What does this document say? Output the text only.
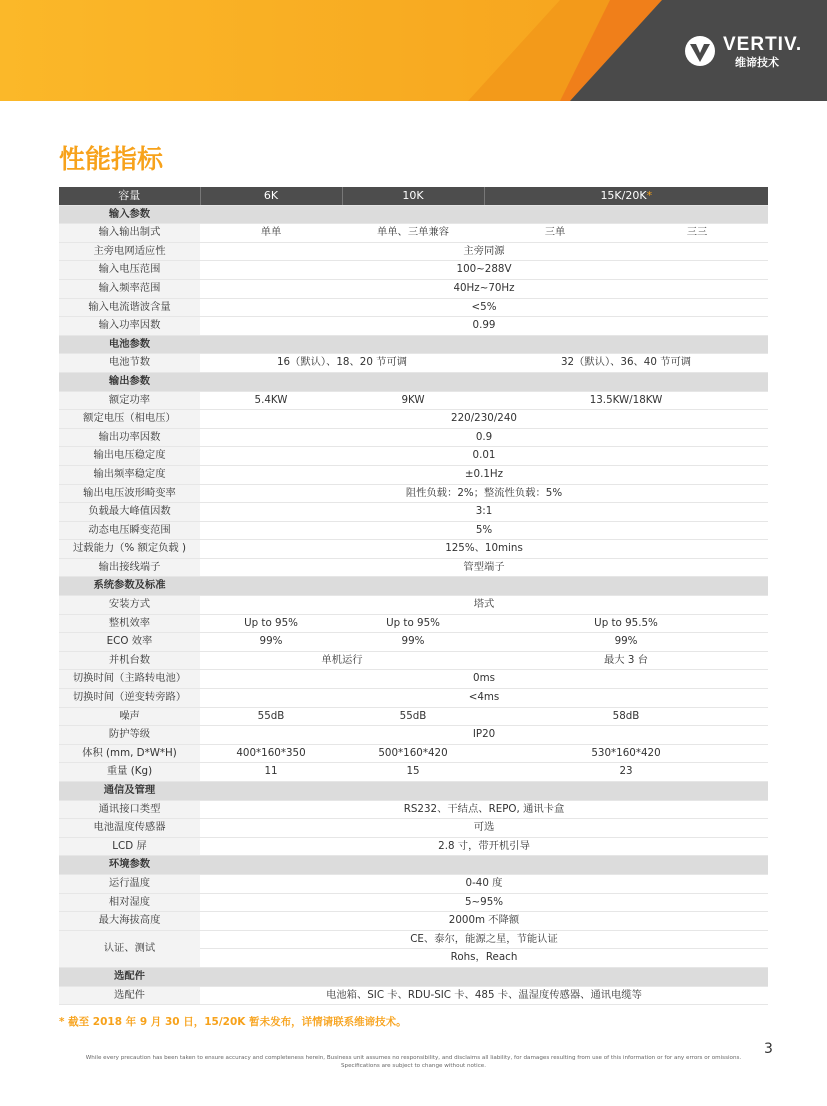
VERTIV.
维谛技术
性能指标
容量	6K	10K	15K/20K*	
输入参数				
输入输出制式	单单	单单、三单兼容	三单	三三
主旁电网适应性	主旁同源			
输入电压范围	100~288V			
输入频率范围	40Hz~70Hz			
输入电流谐波含量	<5%			
输入功率因数	0.99			
电池参数				
电池节数	16（默认）、18、20 节可调		32（默认）、36、40 节可调	
输出参数				
额定功率	5.4KW	9KW	13.5KW/18KW	
额定电压（相电压）	220/230/240			
输出功率因数	0.9			
输出电压稳定度	0.01			
输出频率稳定度	±0.1Hz			
输出电压波形畸变率	阻性负载：2%；整流性负载：5%			
负载最大峰值因数	3:1			
动态电压瞬变范围	5%			
过载能力（% 额定负载 )	125%、10mins			
输出接线端子	管型端子			
系统参数及标准				
安装方式	塔式			
整机效率	Up to 95%	Up to 95%	Up to 95.5%	
ECO 效率	99%	99%	99%	
并机台数	单机运行		最大 3 台	
切换时间（主路转电池）	0ms			
切换时间（逆变转旁路）	<4ms			
噪声	55dB	55dB	58dB	
防护等级	IP20			
体积 (mm, D*W*H)	400*160*350	500*160*420	530*160*420	
重量 (Kg)	11	15	23	
通信及管理				
通讯接口类型	RS232、干结点、REPO, 通讯卡盒			
电池温度传感器	可选			
LCD 屏	2.8 寸，带开机引导			
环境参数				
运行温度	0-40 度			
相对湿度	5~95%			
最大海拔高度	2000m 不降额			
认证、测试	CE、泰尔，能源之星，节能认证			
	Rohs，Reach			
选配件				
选配件	电池箱、SIC 卡、RDU-SIC 卡、485 卡、温湿度传感器、通讯电缆等			
* 截至 2018 年 9 月 30 日，15/20K 暂未发布，详情请联系维谛技术。
3
While every precaution has been taken to ensure accuracy and completeness herein, Business unit assumes no responsibility, and disclaims all liability, for damages resulting from use of this information or for any errors or omissions.
Specifications are subject to change without notice.
